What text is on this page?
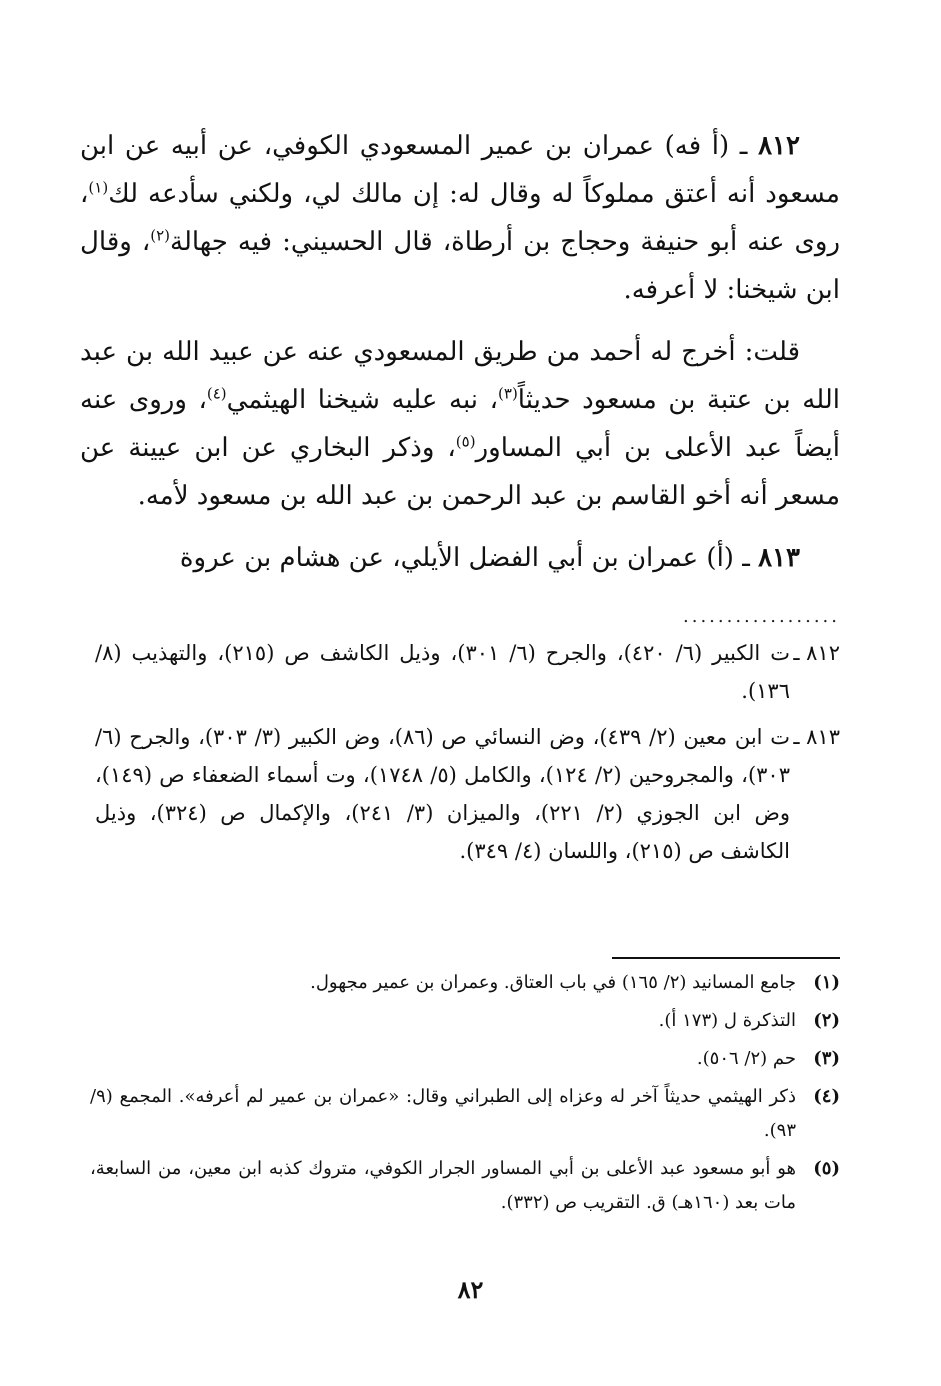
٨١٢ ـ (أ فه) عمران بن عمير المسعودي الكوفي، عن أبيه عن ابن مسعود أنه أعتق مملوكاً له وقال له: إن مالك لي، ولكني سأدعه لك$^{(١)}$، روى عنه أبو حنيفة وحجاج بن أرطاة، قال الحسيني: فيه جهالة$^{(٢)}$، وقال ابن شيخنا: لا أعرفه.

قلت: أخرج له أحمد من طريق المسعودي عنه عن عبيد الله بن عبد الله بن عتبة بن مسعود حديثاً$^{(٣)}$، نبه عليه شيخنا الهيثمي$^{(٤)}$، وروى عنه أيضاً عبد الأعلى بن أبي المساور$^{(٥)}$، وذكر البخاري عن ابن عيينة عن مسعر أنه أخو القاسم بن عبد الرحمن بن عبد الله بن مسعود لأمه.

٨١٣ ـ (أ) عمران بن أبي الفضل الأيلي، عن هشام بن عروة

..................
٨١٢ ـ
ت الكبير (٦/ ٤٢٠)، والجرح (٦/ ٣٠١)، وذيل الكاشف ص (٢١٥)، والتهذيب (٨/ ١٣٦).
٨١٣ ـ
ت ابن معين (٢/ ٤٣٩)، وض النسائي ص (٨٦)، وض الكبير (٣/ ٣٠٣)، والجرح (٦/ ٣٠٣)، والمجروحين (٢/ ١٢٤)، والكامل (٥/ ١٧٤٨)، وت أسماء الضعفاء ص (١٤٩)، وض ابن الجوزي (٢/ ٢٢١)، والميزان (٣/ ٢٤١)، والإكمال ص (٣٢٤)، وذيل الكاشف ص (٢١٥)، واللسان (٤/ ٣٤٩).
(١)
جامع المسانيد (٢/ ١٦٥) في باب العتاق. وعمران بن عمير مجهول.
(٢)
التذكرة ل (١٧٣ أ).
(٣)
حم (٢/ ٥٠٦).
(٤)
ذكر الهيثمي حديثاً آخر له وعزاه إلى الطبراني وقال: «عمران بن عمير لم أعرفه». المجمع (٩/ ٩٣).
(٥)
هو أبو مسعود عبد الأعلى بن أبي المساور الجرار الكوفي، متروك كذبه ابن معين، من السابعة، مات بعد (١٦٠هـ) ق. التقريب ص (٣٣٢).
٨٢
